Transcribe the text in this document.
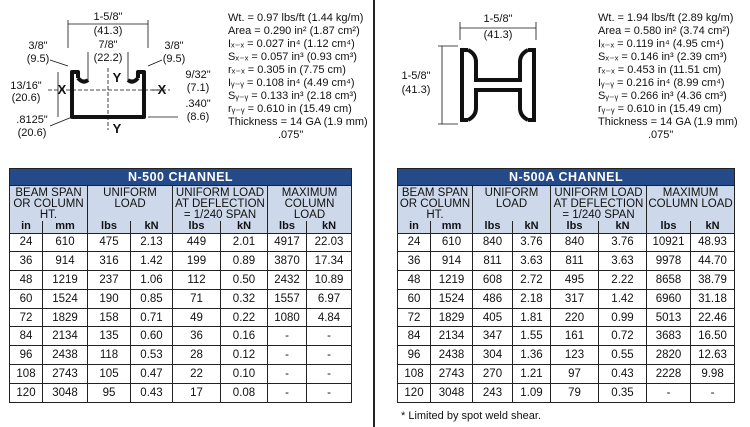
1-5/8"
(41.3)
7/8"
(22.2)
3/8"
(9.5)
3/8"
(9.5)
X	X
Y
Y
13/16"
(20.6)
9/32"
(7.1)
.340"
(8.6)
.8125"
(20.6)
Wt. = 0.97 lbs/ft (1.44 kg/m)
Area = 0.290 in² (1.87 cm²)
Iₓ₋ₓ = 0.027 in⁴ (1.12 cm⁴)
Sₓ₋ₓ = 0.057 in³ (0.93 cm³)
rₓ₋ₓ = 0.305 in (7.75 cm)
Iᵧ₋ᵧ = 0.108 in⁴ (4.49 cm⁴)
Sᵧ₋ᵧ = 0.133 in³ (2.18 cm³)
rᵧ₋ᵧ = 0.610 in (15.49 cm)
Thickness = 14 GA (1.9 mm)
.075"
N-500 CHANNEL							
BEAM SPAN OR COLUMN HT.		UNIFORM LOAD		UNIFORM LOAD AT DEFLECTION = 1/240 SPAN		MAXIMUM COLUMN LOAD	
in	mm	lbs	kN	lbs	kN	lbs	kN
24	610	475	2.13	449	2.01	4917	22.03
36	914	316	1.42	199	0.89	3870	17.34
48	1219	237	1.06	112	0.50	2432	10.89
60	1524	190	0.85	71	0.32	1557	6.97
72	1829	158	0.71	49	0.22	1080	4.84
84	2134	135	0.60	36	0.16	-	-
96	2438	118	0.53	28	0.12	-	-
108	2743	105	0.47	22	0.10	-	-
120	3048	95	0.43	17	0.08	-	-
1-5/8"
(41.3)
1-5/8"
(41.3)
Wt. = 1.94 lbs/ft (2.89 kg/m)
Area = 0.580 in² (3.74 cm²)
Iₓ₋ₓ = 0.119 in⁴ (4.95 cm⁴)
Sₓ₋ₓ = 0.146 in³ (2.39 cm³)
rₓ₋ₓ = 0.453 in (11.51 cm)
Iᵧ₋ᵧ = 0.216 in⁴ (8.99 cm⁴)
Sᵧ₋ᵧ = 0.266 in³ (4.36 cm³)
rᵧ₋ᵧ = 0.610 in (15.49 cm)
Thickness = 14 GA (1.9 mm)
.075"
N-500A CHANNEL							
BEAM SPAN OR COLUMN HT.		UNIFORM LOAD		UNIFORM LOAD AT DEFLECTION = 1/240 SPAN		MAXIMUM COLUMN LOAD	
in	mm	lbs	kN	lbs	kN	lbs	kN
24	610	840	3.76	840	3.76	10921	48.93
36	914	811	3.63	811	3.63	9978	44.70
48	1219	608	2.72	495	2.22	8658	38.79
60	1524	486	2.18	317	1.42	6960	31.18
72	1829	405	1.81	220	0.99	5013	22.46
84	2134	347	1.55	161	0.72	3683	16.50
96	2438	304	1.36	123	0.55	2820	12.63
108	2743	270	1.21	97	0.43	2228	9.98
120	3048	243	1.09	79	0.35	-	-
* Limited by spot weld shear.
